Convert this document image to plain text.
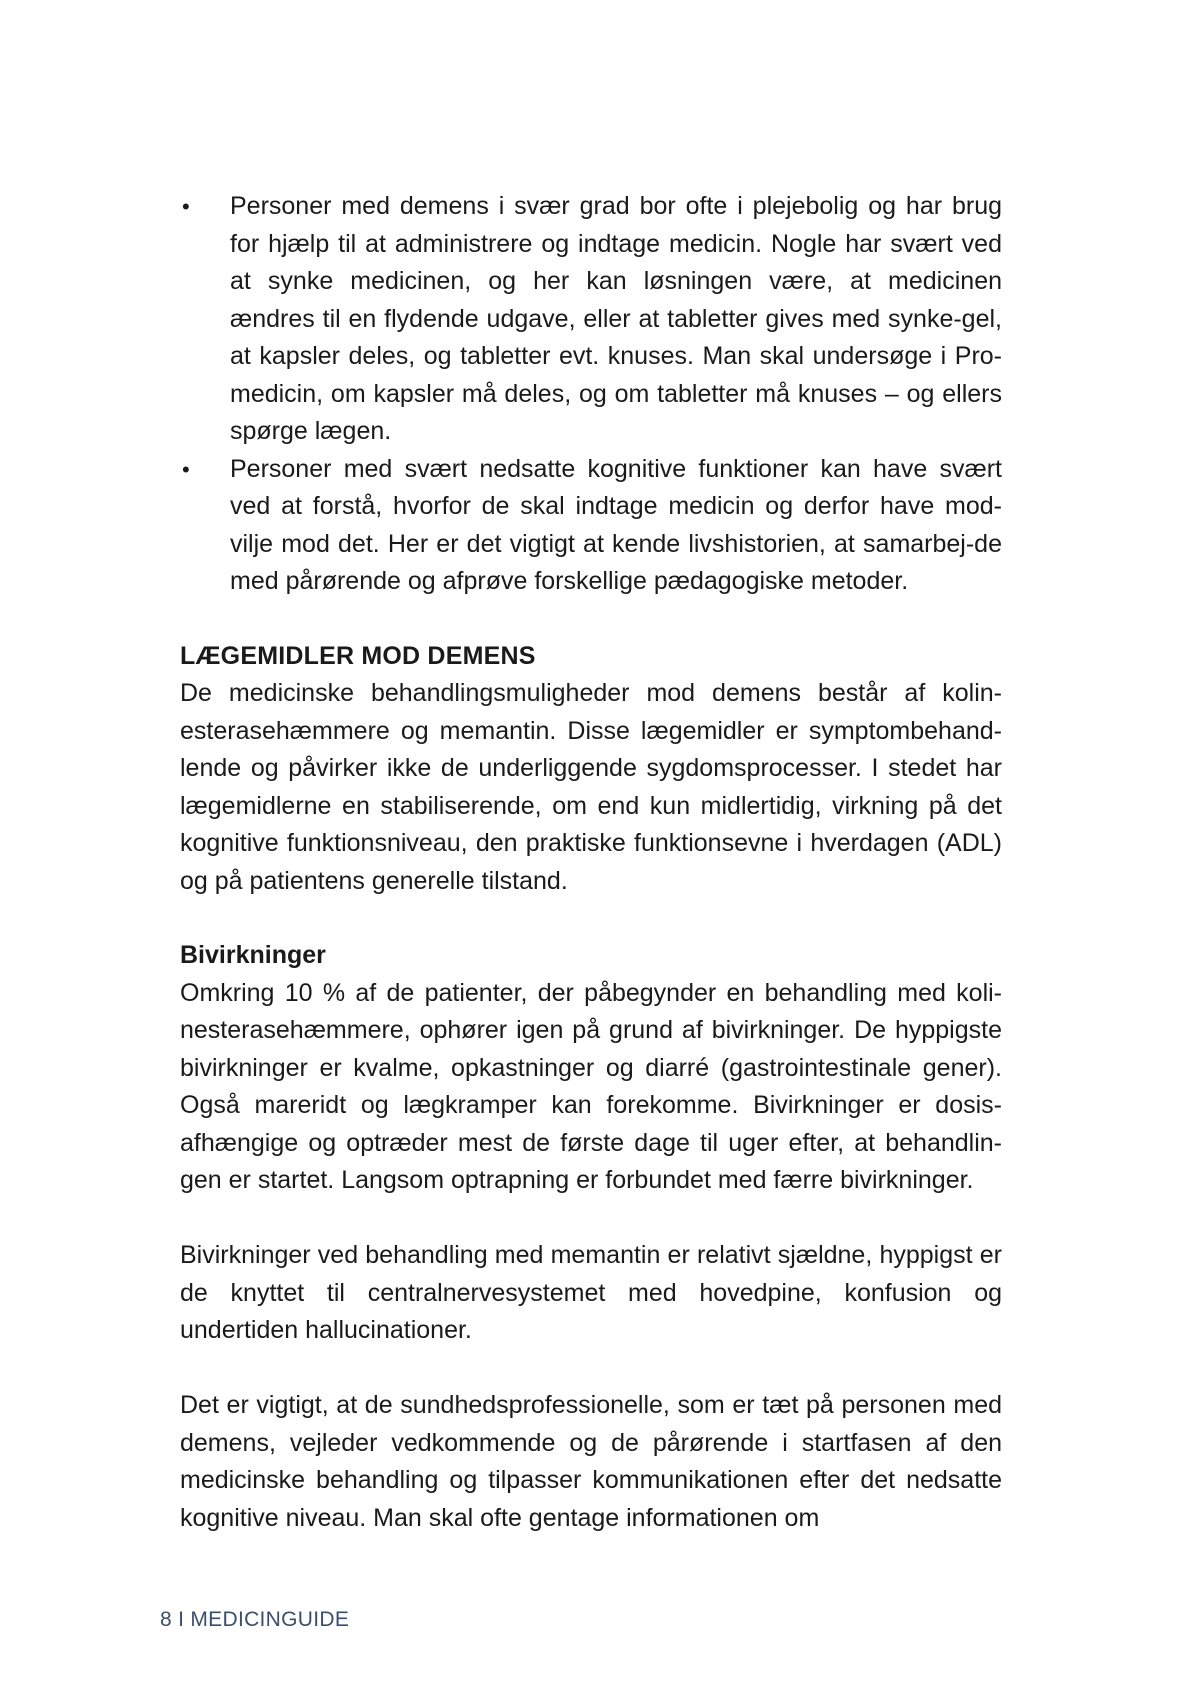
• Personer med demens i svær grad bor ofte i plejebolig og har brug for hjælp til at administrere og indtage medicin. Nogle har svært ved at synke medicinen, og her kan løsningen være, at medicinen ændres til en flydende udgave, eller at tabletter gives med synke-gel, at kapsler deles, og tabletter evt. knuses. Man skal undersøge i Pro-medicin, om kapsler må deles, og om tabletter må knuses – og ellers spørge lægen.
• Personer med svært nedsatte kognitive funktioner kan have svært ved at forstå, hvorfor de skal indtage medicin og derfor have mod-vilje mod det. Her er det vigtigt at kende livshistorien, at samarbej-de med pårørende og afprøve forskellige pædagogiske metoder.
LÆGEMIDLER MOD DEMENS

De medicinske behandlingsmuligheder mod demens består af kolin-esterasehæmmere og memantin. Disse lægemidler er symptombehand-lende og påvirker ikke de underliggende sygdomsprocesser. I stedet har lægemidlerne en stabiliserende, om end kun midlertidig, virkning på det kognitive funktionsniveau, den praktiske funktionsevne i hverdagen (ADL) og på patientens generelle tilstand.

Bivirkninger

Omkring 10 % af de patienter, der påbegynder en behandling med koli-nesterasehæmmere, ophører igen på grund af bivirkninger. De hyppigste bivirkninger er kvalme, opkastninger og diarré (gastrointestinale gener). Også mareridt og lægkramper kan forekomme. Bivirkninger er dosis-afhængige og optræder mest de første dage til uger efter, at behandlin-gen er startet. Langsom optrapning er forbundet med færre bivirkninger.

Bivirkninger ved behandling med memantin er relativt sjældne, hyppigst er de knyttet til centralnervesystemet med hovedpine, konfusion og undertiden hallucinationer.

Det er vigtigt, at de sundhedsprofessionelle, som er tæt på personen med demens, vejleder vedkommende og de pårørende i startfasen af den medicinske behandling og tilpasser kommunikationen efter det nedsatte kognitive niveau. Man skal ofte gentage informationen om

8 I MEDICINGUIDE
